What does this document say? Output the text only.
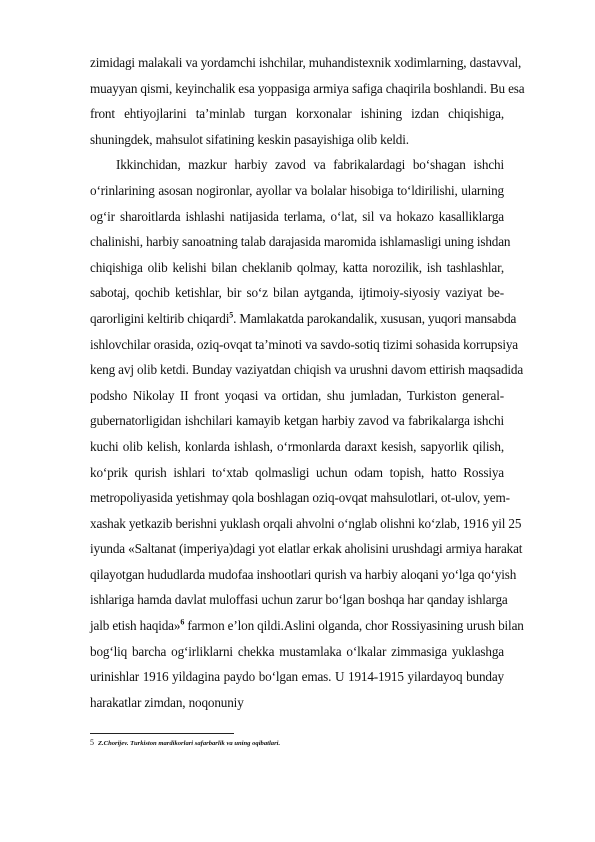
zimidagi malakali va yordamchi ishchilar, muhandistexnik xodimlarning, dastavval,
muayyan qismi, keyinchalik esa yoppasiga armiya safiga chaqirila boshlandi. Bu esa
front ehtiyojlarini ta’minlab turgan korxonalar ishining izdan chiqishiga,
shuningdek, mahsulot sifatining keskin pasayishiga olib keldi.
Ikkinchidan, mazkur harbiy zavod va fabrikalardagi bo‘shagan ishchi
o‘rinlarining asosan nogironlar, ayollar va bolalar hisobiga to‘ldirilishi, ularning
og‘ir sharoitlarda ishlashi natijasida terlama, o‘lat, sil va hokazo kasalliklarga
chalinishi, harbiy sanoatning talab darajasida maromida ishlamasligi uning ishdan
chiqishiga olib kelishi bilan cheklanib qolmay, katta norozilik, ish tashlashlar,
sabotaj, qochib ketishlar, bir so‘z bilan aytganda, ijtimoiy-siyosiy vaziyat be-
qarorligini keltirib chiqardi$^5$. Mamlakatda parokandalik, xususan, yuqori mansabda
ishlovchilar orasida, oziq-ovqat ta’minoti va savdo-sotiq tizimi sohasida korrupsiya
keng avj olib ketdi. Bunday vaziyatdan chiqish va urushni davom ettirish maqsadida
podsho Nikolay II front yoqasi va ortidan, shu jumladan, Turkiston general-
gubernatorligidan ishchilari kamayib ketgan harbiy zavod va fabrikalarga ishchi
kuchi olib kelish, konlarda ishlash, o‘rmonlarda daraxt kesish, sapyorlik qilish,
ko‘prik qurish ishlari to‘xtab qolmasligi uchun odam topish, hatto Rossiya
metropoliyasida yetishmay qola boshlagan oziq-ovqat mahsulotlari, ot-ulov, yem-
xashak yetkazib berishni yuklash orqali ahvolni o‘nglab olishni ko‘zlab, 1916 yil 25
iyunda «Saltanat (imperiya)dagi yot elatlar erkak aholisini urushdagi armiya harakat
qilayotgan hududlarda mudofaa inshootlari qurish va harbiy aloqani yo‘lga qo‘yish
ishlariga hamda davlat muloffasi uchun zarur bo‘lgan boshqa har qanday ishlarga
jalb etish haqida»$^6$ farmon e’lon qildi.Aslini olganda, chor Rossiyasining urush bilan
bog‘liq barcha og‘irliklarni chekka mustamlaka o‘lkalar zimmasiga yuklashga
urinishlar 1916 yildagina paydo bo‘lgan emas. U 1914-1915 yilardayoq bunday
harakatlar zimdan, noqonuniy
5 Z.Chorijev. Turkiston mardikorlari safarbarlik va uning oqibatlari.
